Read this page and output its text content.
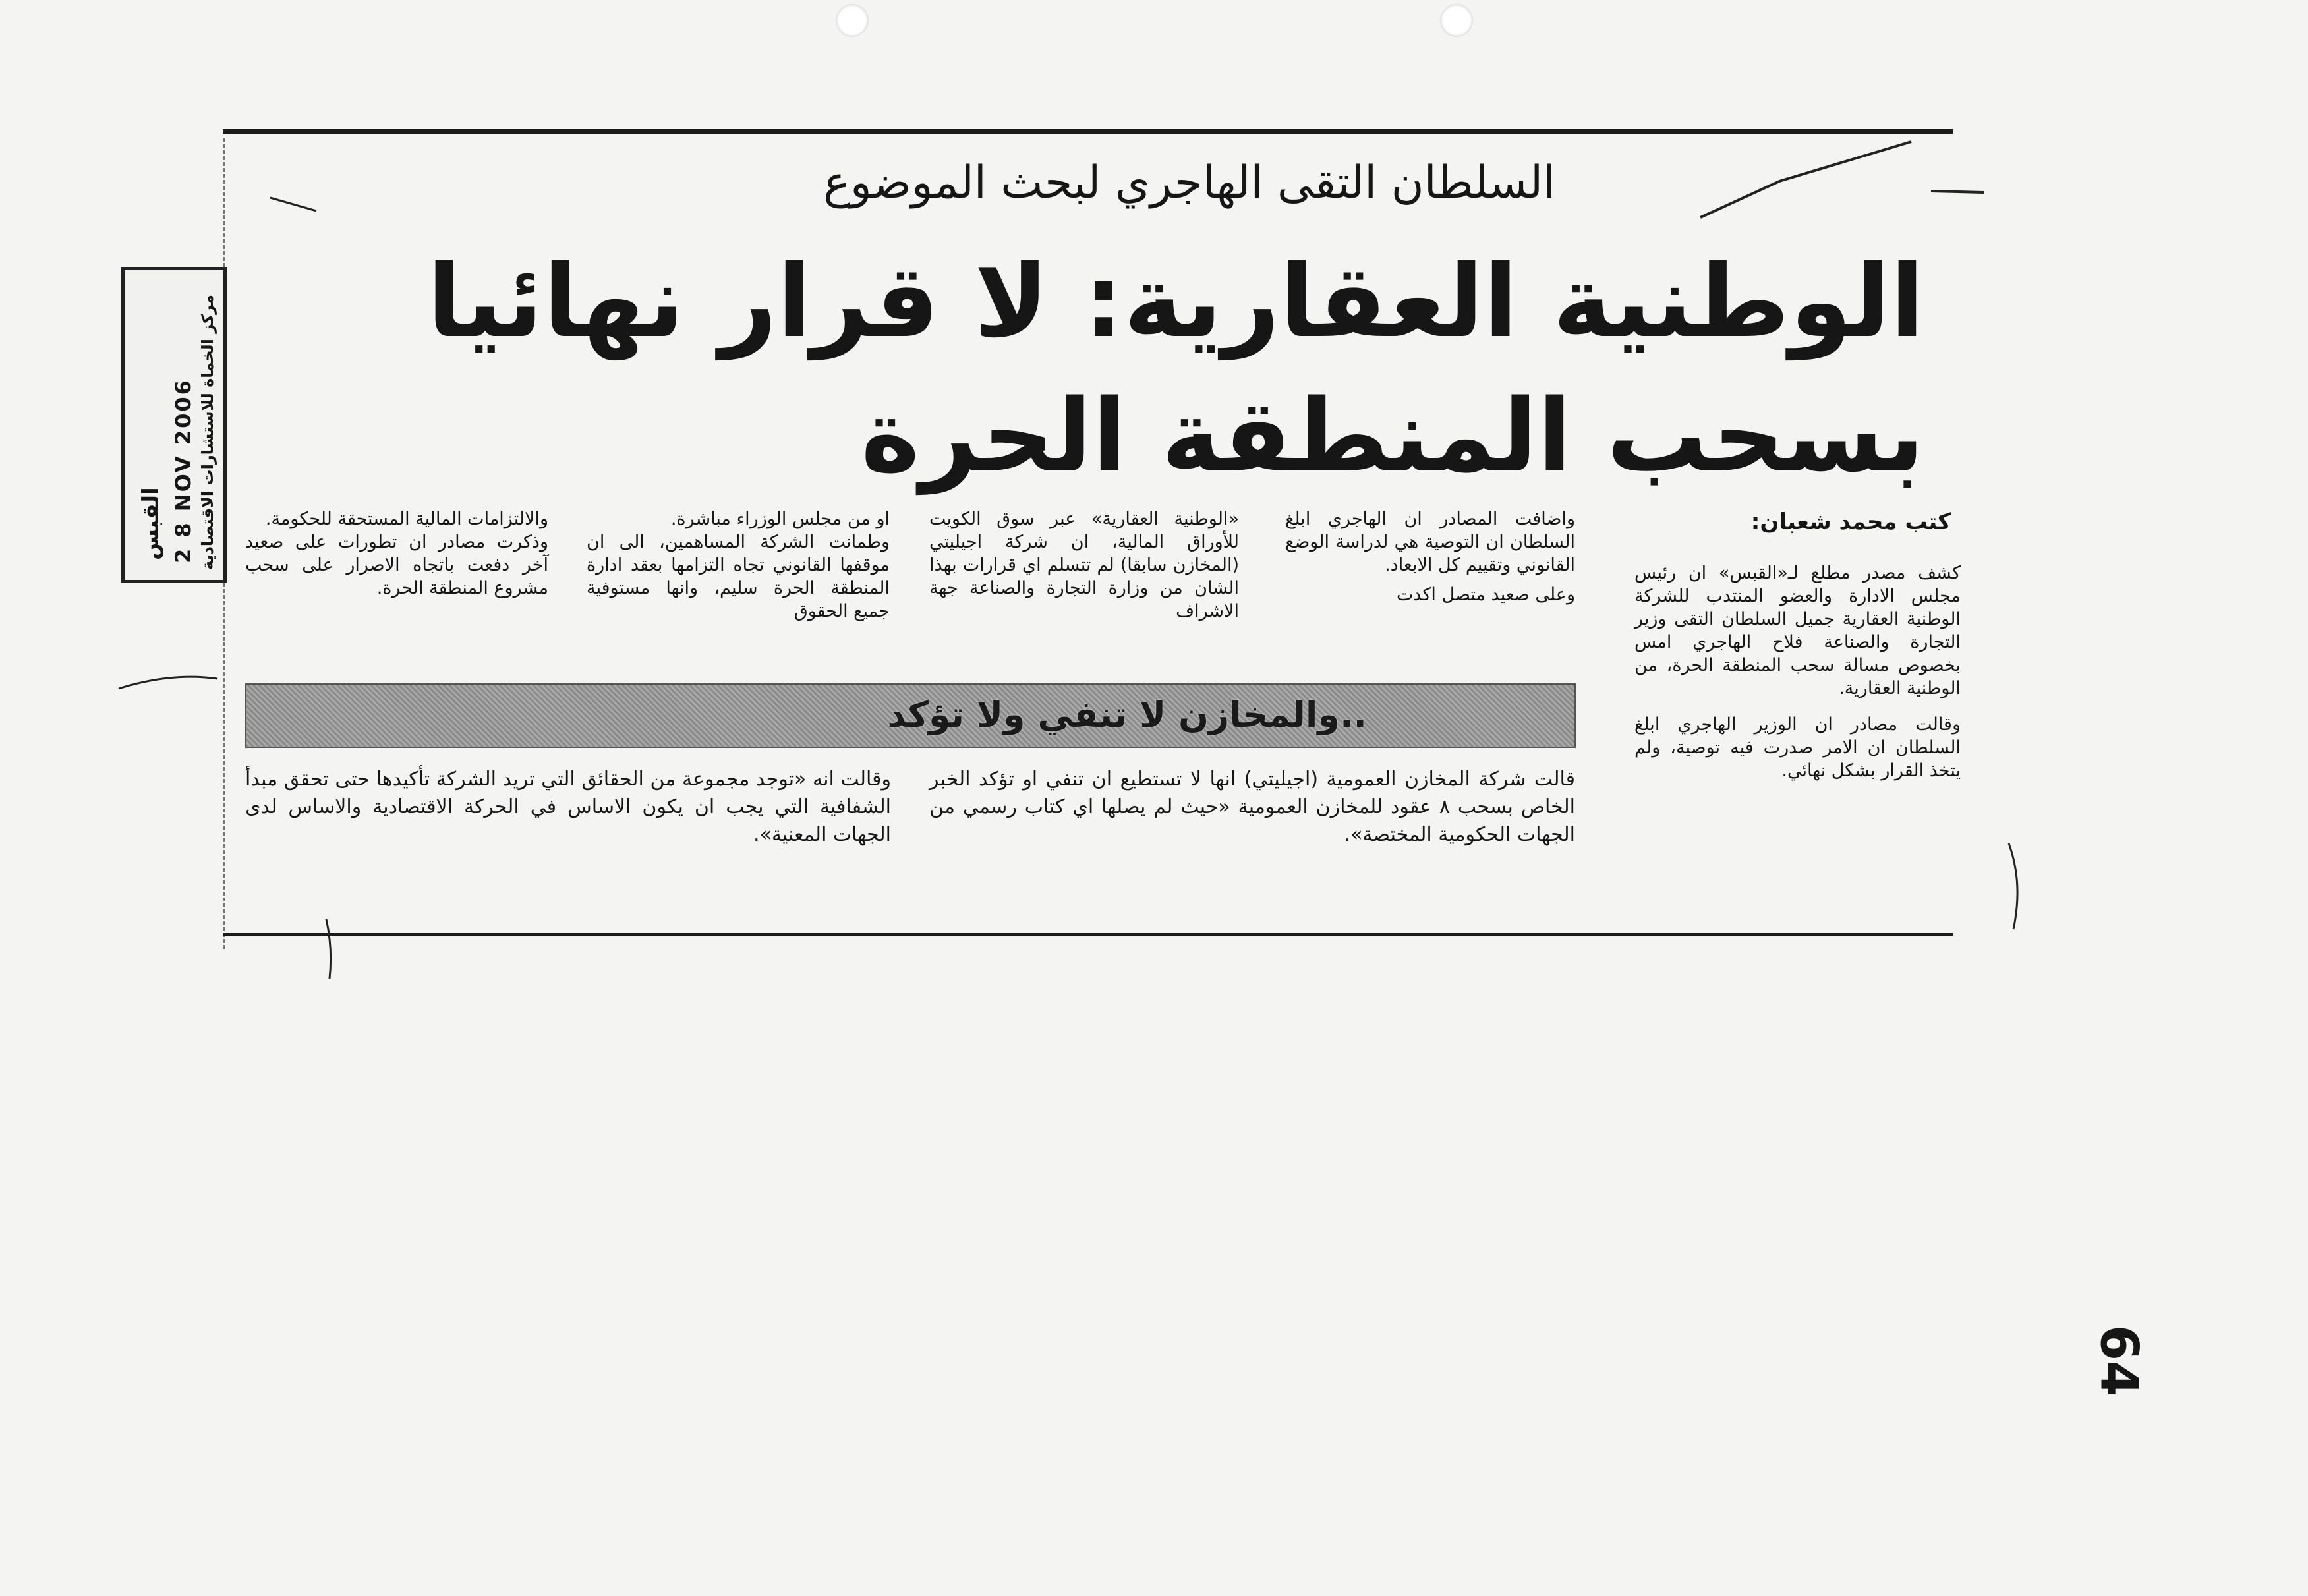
السلطان التقى الهاجري لبحث الموضوع
الوطنية العقارية: لا قرار نهائيا
بسحب المنطقة الحرة
القبس 2 8 NOV 2006 مركز الخماة للاستشارات الاقتصادية	كتب محمد شعبان:

كشف مصدر مطلع لـ«القبس» ان رئيس مجلس الادارة والعضو المنتدب للشركة الوطنية العقارية جميل السلطان التقى وزير التجارة والصناعة فلاح الهاجري امس بخصوص مسالة سحب المنطقة الحرة، من الوطنية العقارية.

وقالت مصادر ان الوزير الهاجري ابلغ السلطان ان الامر صدرت فيه توصية، ولم يتخذ القرار بشكل نهائي.

واضافت المصادر ان الهاجري ابلغ السلطان ان التوصية هي لدراسة الوضع القانوني وتقييم كل الابعاد.

وعلى صعيد متصل اكدت

«الوطنية العقارية» عبر سوق الكويت للأوراق المالية، ان شركة اجيليتي (المخازن سابقا) لم تتسلم اي قرارات بهذا الشان من وزارة التجارة والصناعة جهة الاشراف

او من مجلس الوزراء مباشرة.

وطمانت الشركة المساهمين، الى ان موقفها القانوني تجاه التزامها بعقد ادارة المنطقة الحرة سليم، وانها مستوفية جميع الحقوق

والالتزامات المالية المستحقة للحكومة.

وذكرت مصادر ان تطورات على صعيد آخر دفعت باتجاه الاصرار على سحب مشروع المنطقة الحرة.

..والمخازن لا تنفي ولا تؤكد

قالت شركة المخازن العمومية (اجيليتي) انها لا تستطيع ان تنفي او تؤكد الخبر الخاص بسحب ٨ عقود للمخازن العمومية «حيث لم يصلها اي كتاب رسمي من الجهات الحكومية المختصة».

وقالت انه «توجد مجموعة من الحقائق التي تريد الشركة تأكيدها حتى تحقق مبدأ الشفافية التي يجب ان يكون الاساس في الحركة الاقتصادية والاساس لدى الجهات المعنية».

64
